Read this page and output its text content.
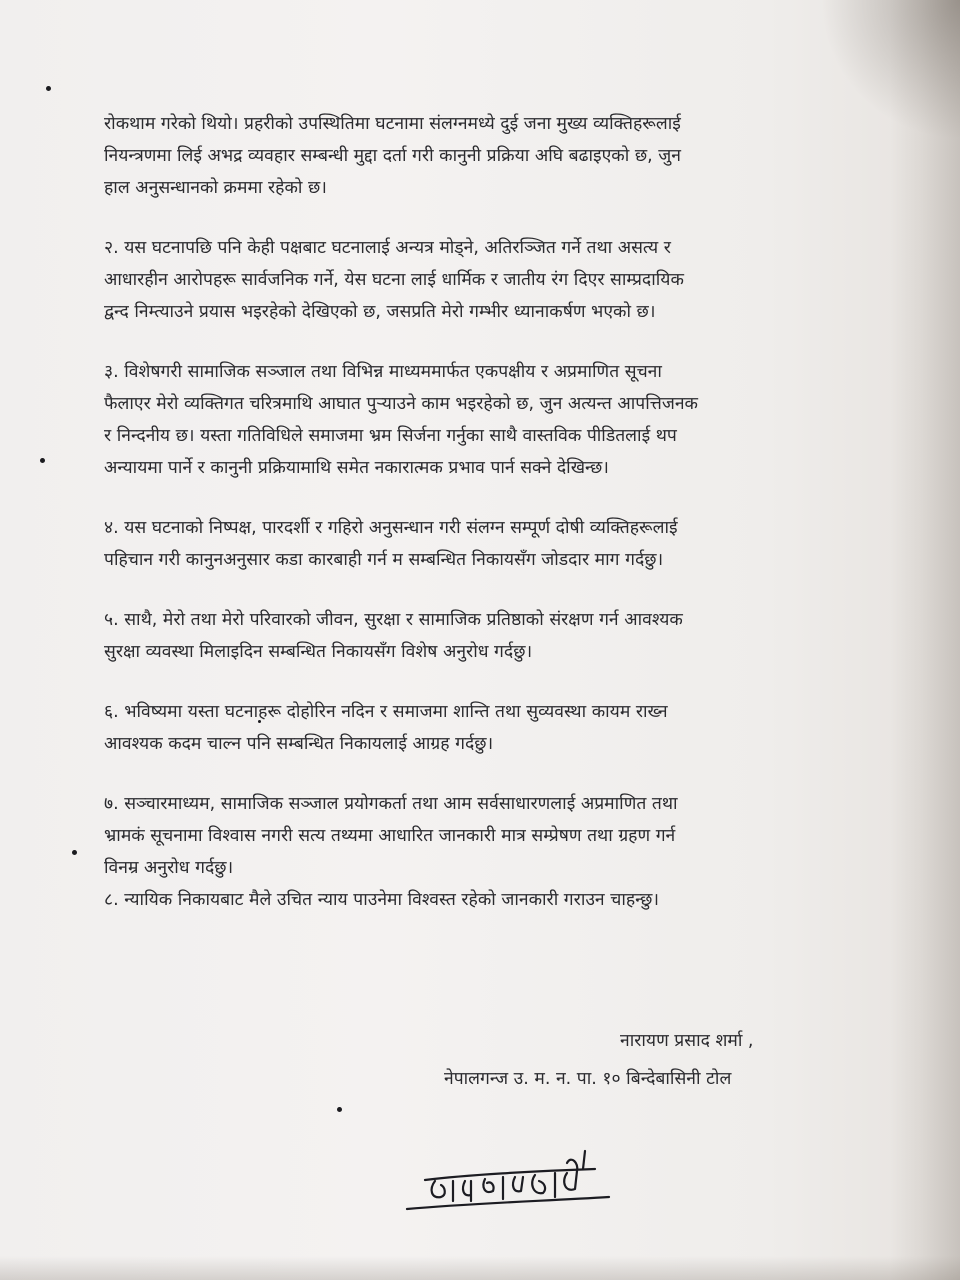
रोकथाम गरेको थियो। प्रहरीको उपस्थितिमा घटनामा संलग्नमध्ये दुई जना मुख्य व्यक्तिहरूलाई
नियन्त्रणमा लिई अभद्र व्यवहार सम्बन्धी मुद्दा दर्ता गरी कानुनी प्रक्रिया अघि बढाइएको छ, जुन
हाल अनुसन्धानको क्रममा रहेको छ।
२. यस घटनापछि पनि केही पक्षबाट घटनालाई अन्यत्र मोड्ने, अतिरञ्जित गर्ने तथा असत्य र
आधारहीन आरोपहरू सार्वजनिक गर्ने, येस घटना लाई धार्मिक र जातीय रंग दिएर साम्प्रदायिक
द्वन्द निम्त्याउने प्रयास भइरहेको देखिएको छ, जसप्रति मेरो गम्भीर ध्यानाकर्षण भएको छ।
३. विशेषगरी सामाजिक सञ्जाल तथा विभिन्न माध्यममार्फत एकपक्षीय र अप्रमाणित सूचना
फैलाएर मेरो व्यक्तिगत चरित्रमाथि आघात पुऱ्याउने काम भइरहेको छ, जुन अत्यन्त आपत्तिजनक
र निन्दनीय छ। यस्ता गतिविधिले समाजमा भ्रम सिर्जना गर्नुका साथै वास्तविक पीडितलाई थप
अन्यायमा पार्ने र कानुनी प्रक्रियामाथि समेत नकारात्मक प्रभाव पार्न सक्ने देखिन्छ।
४. यस घटनाको निष्पक्ष, पारदर्शी र गहिरो अनुसन्धान गरी संलग्न सम्पूर्ण दोषी व्यक्तिहरूलाई
पहिचान गरी कानुनअनुसार कडा कारबाही गर्न म सम्बन्धित निकायसँग जोडदार माग गर्दछु।
५. साथै, मेरो तथा मेरो परिवारको जीवन, सुरक्षा र सामाजिक प्रतिष्ठाको संरक्षण गर्न आवश्यक
सुरक्षा व्यवस्था मिलाइदिन सम्बन्धित निकायसँग विशेष अनुरोध गर्दछु।
६. भविष्यमा यस्ता घटनाहरू दोहोरिन नदिन र समाजमा शान्ति तथा सुव्यवस्था कायम राख्न
आवश्यक कदम चाल्न पनि सम्बन्धित निकायलाई आग्रह गर्दछु।
७. सञ्चारमाध्यम, सामाजिक सञ्जाल प्रयोगकर्ता तथा आम सर्वसाधारणलाई अप्रमाणित तथा
भ्रामकं सूचनामा विश्वास नगरी सत्य तथ्यमा आधारित जानकारी मात्र सम्प्रेषण तथा ग्रहण गर्न
विनम्र अनुरोध गर्दछु।
८. न्यायिक निकायबाट मैले उचित न्याय पाउनेमा विश्वस्त रहेको जानकारी गराउन चाहन्छु।
नारायण प्रसाद शर्मा ,
नेपालगन्ज उ. म. न. पा. १० बिन्देबासिनी टोल
